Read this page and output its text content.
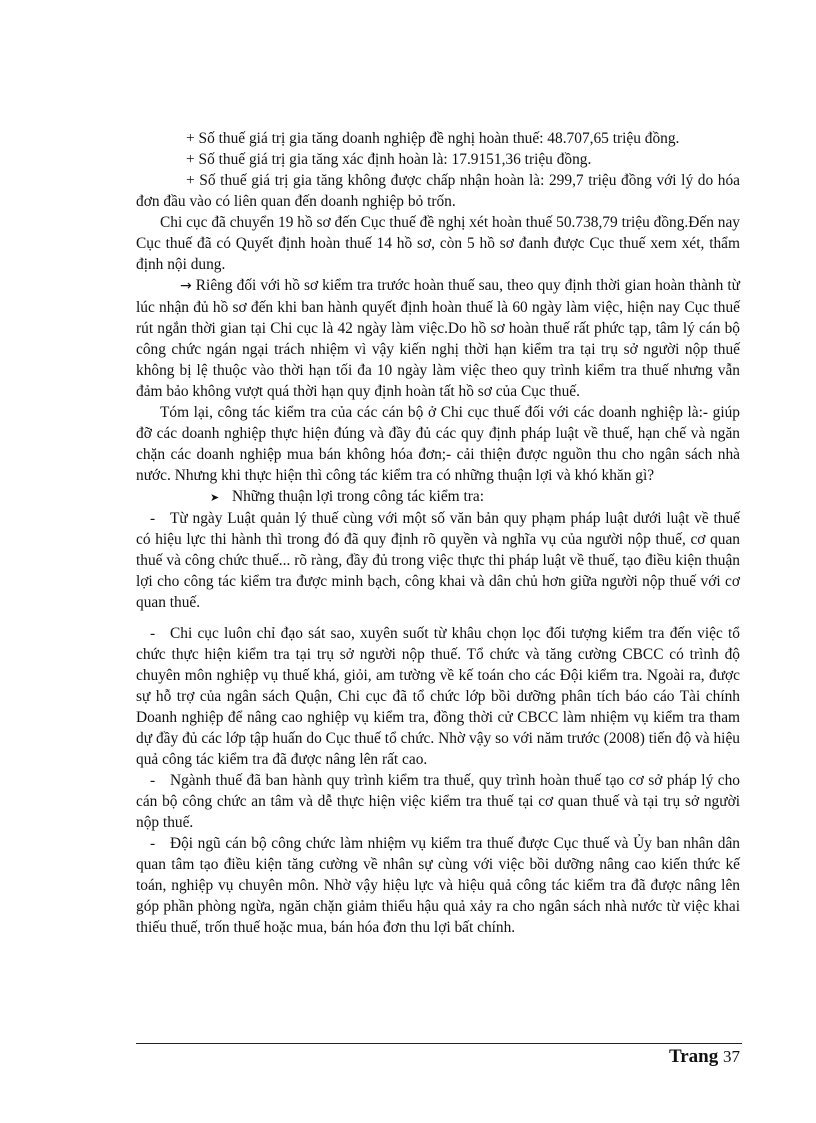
+ Số thuế giá trị gia tăng doanh nghiệp đề nghị hoàn thuế: 48.707,65 triệu đồng.

+ Số thuế giá trị gia tăng xác định hoàn là: 17.9151,36 triệu đồng.

+ Số thuế giá trị gia tăng không được chấp nhận hoàn là: 299,7 triệu đồng với lý do hóa đơn đầu vào có liên quan đến doanh nghiệp bỏ trốn.

Chi cục đã chuyển 19 hồ sơ đến Cục thuế đề nghị xét hoàn thuế 50.738,79 triệu đồng.Đến nay Cục thuế đã có Quyết định hoàn thuế 14 hồ sơ, còn 5 hồ sơ đanh được Cục thuế xem xét, thẩm định nội dung.

→ Riêng đối với hồ sơ kiểm tra trước hoàn thuế sau, theo quy định thời gian hoàn thành từ lúc nhận đủ hồ sơ đến khi ban hành quyết định hoàn thuế là 60 ngày làm việc, hiện nay Cục thuế rút ngắn thời gian tại Chi cục là 42 ngày làm việc.Do hồ sơ hoàn thuế rất phức tạp, tâm lý cán bộ công chức ngán ngại trách nhiệm vì vậy kiến nghị thời hạn kiểm tra tại trụ sở người nộp thuế không bị lệ thuộc vào thời hạn tối đa 10 ngày làm việc theo quy trình kiểm tra thuế nhưng vẫn đảm bảo không vượt quá thời hạn quy định hoàn tất hồ sơ của Cục thuế.

Tóm lại, công tác kiểm tra của các cán bộ ở Chi cục thuế đối với các doanh nghiệp là:- giúp đỡ các doanh nghiệp thực hiện đúng và đầy đủ các quy định pháp luật về thuế, hạn chế và ngăn chặn các doanh nghiệp mua bán không hóa đơn;- cải thiện được nguồn thu cho ngân sách nhà nước. Nhưng khi thực hiện thì công tác kiểm tra có những thuận lợi và khó khăn gì?

➤ Những thuận lợi trong công tác kiểm tra:

- Từ ngày Luật quản lý thuế cùng với một số văn bản quy phạm pháp luật dưới luật về thuế có hiệu lực thi hành thì trong đó đã quy định rõ quyền và nghĩa vụ của người nộp thuế, cơ quan thuế và công chức thuế... rõ ràng, đầy đủ trong việc thực thi pháp luật về thuế, tạo điều kiện thuận lợi cho công tác kiểm tra được minh bạch, công khai và dân chủ hơn giữa người nộp thuế với cơ quan thuế.

- Chi cục luôn chỉ đạo sát sao, xuyên suốt từ khâu chọn lọc đối tượng kiểm tra đến việc tổ chức thực hiện kiểm tra tại trụ sở người nộp thuế. Tổ chức và tăng cường CBCC có trình độ chuyên môn nghiệp vụ thuế khá, giỏi, am tường về kế toán cho các Đội kiểm tra. Ngoài ra, được sự hỗ trợ của ngân sách Quận, Chi cục đã tổ chức lớp bồi dưỡng phân tích báo cáo Tài chính Doanh nghiệp để nâng cao nghiệp vụ kiểm tra, đồng thời cử CBCC làm nhiệm vụ kiểm tra tham dự đầy đủ các lớp tập huấn do Cục thuế tổ chức. Nhờ vậy so với năm trước (2008) tiến độ và hiệu quả công tác kiểm tra đã được nâng lên rất cao.

- Ngành thuế đã ban hành quy trình kiểm tra thuế, quy trình hoàn thuế tạo cơ sở pháp lý cho cán bộ công chức an tâm và dễ thực hiện việc kiểm tra thuế tại cơ quan thuế và tại trụ sở người nộp thuế.

- Đội ngũ cán bộ công chức làm nhiệm vụ kiểm tra thuế được Cục thuế và Ủy ban nhân dân quan tâm tạo điều kiện tăng cường về nhân sự cùng với việc bồi dưỡng nâng cao kiến thức kế toán, nghiệp vụ chuyên môn. Nhờ vậy hiệu lực và hiệu quả công tác kiểm tra đã được nâng lên góp phần phòng ngừa, ngăn chặn giảm thiểu hậu quả xảy ra cho ngân sách nhà nước từ việc khai thiếu thuế, trốn thuế hoặc mua, bán hóa đơn thu lợi bất chính.

Trang 37
